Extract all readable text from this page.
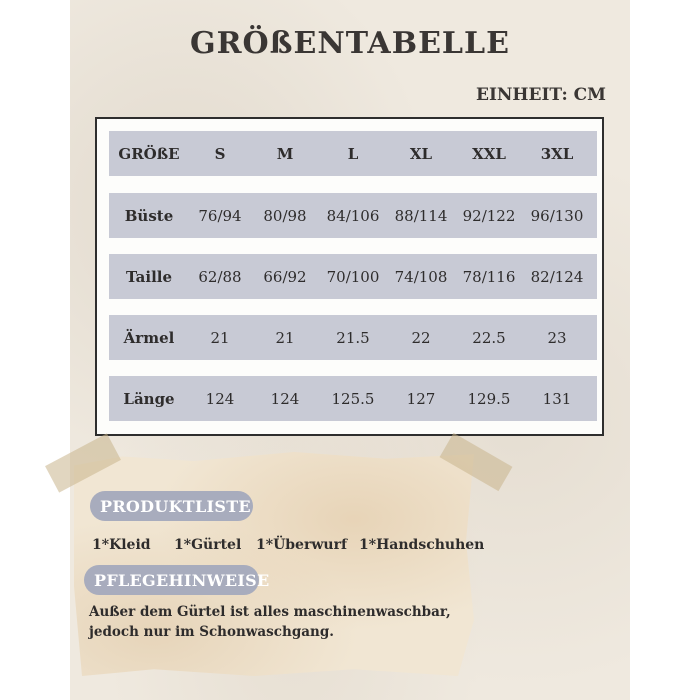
GRÖßENTABELLE
EINHEIT: CM
GRÖßE	S	M	L	XL	XXL	3XL
Büste	76/94	80/98	84/106	88/114	92/122	96/130
Taille	62/88	66/92	70/100	74/108	78/116	82/124
Ärmel	21	21	21.5	22	22.5	23
Länge	124	124	125.5	127	129.5	131
PRODUKTLISTE
1*Kleid 1*Gürtel 1*Überwurf 1*Handschuhen
PFLEGEHINWEISE
Außer dem Gürtel ist alles maschinenwaschbar,
jedoch nur im Schonwaschgang.
